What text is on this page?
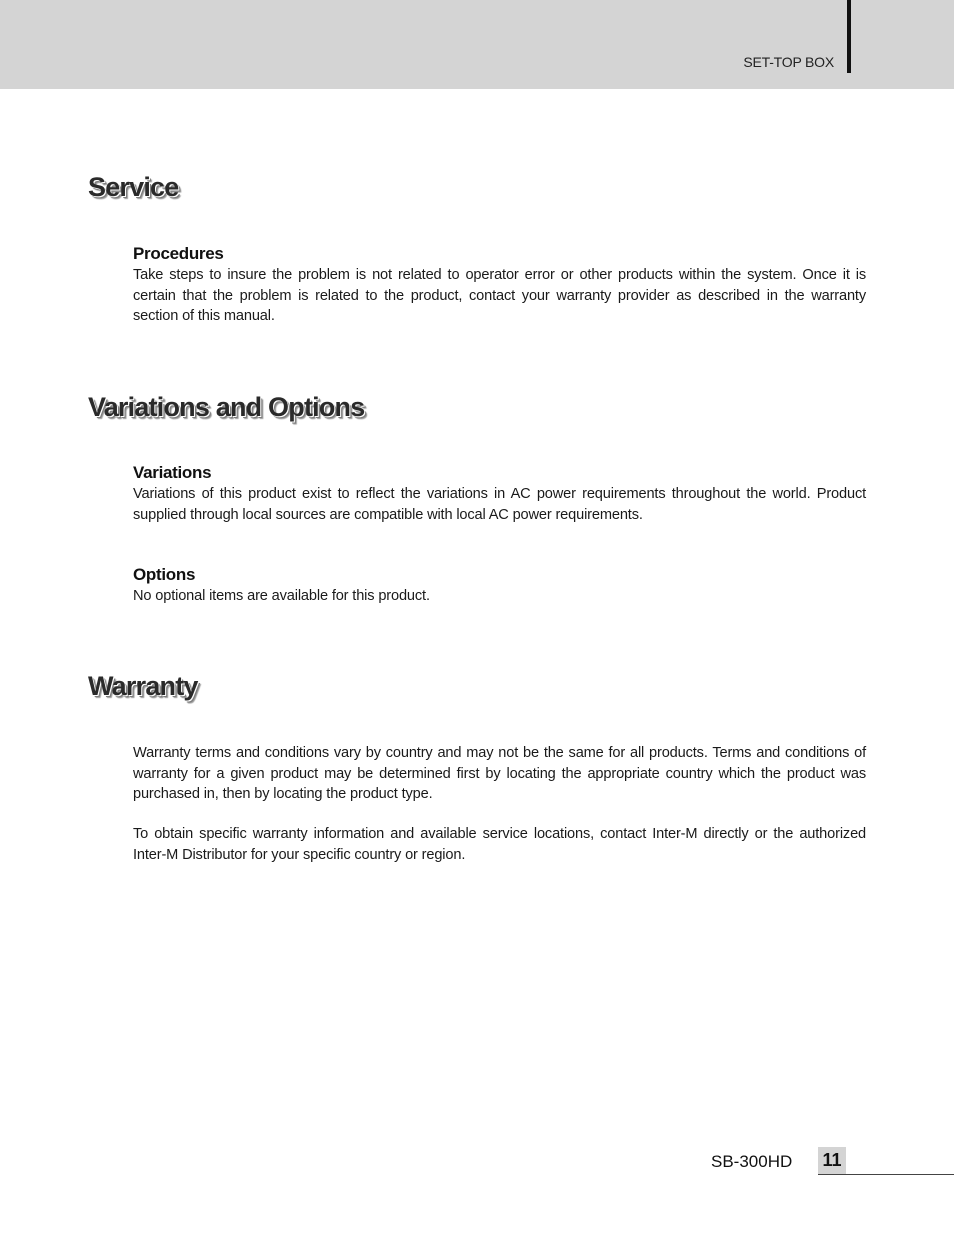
SET-TOP BOX
Service
Procedures

Take steps to insure the problem is not related to operator error or other products within the system. Once it is certain that the problem is related to the product, contact your warranty provider as described in the warranty section of this manual.

Variations and Options
Variations

Variations of this product exist to reflect the variations in AC power requirements throughout the world. Product supplied through local sources are compatible with local AC power requirements.

Options

No optional items are available for this product.

Warranty

Warranty terms and conditions vary by country and may not be the same for all products. Terms and conditions of warranty for a given product may be determined first by locating the appropriate country which the product was purchased in, then by locating the product type.

To obtain specific warranty information and available service locations, contact Inter-M directly or the authorized Inter-M Distributor for your specific country or region.

SB-300HD 11
